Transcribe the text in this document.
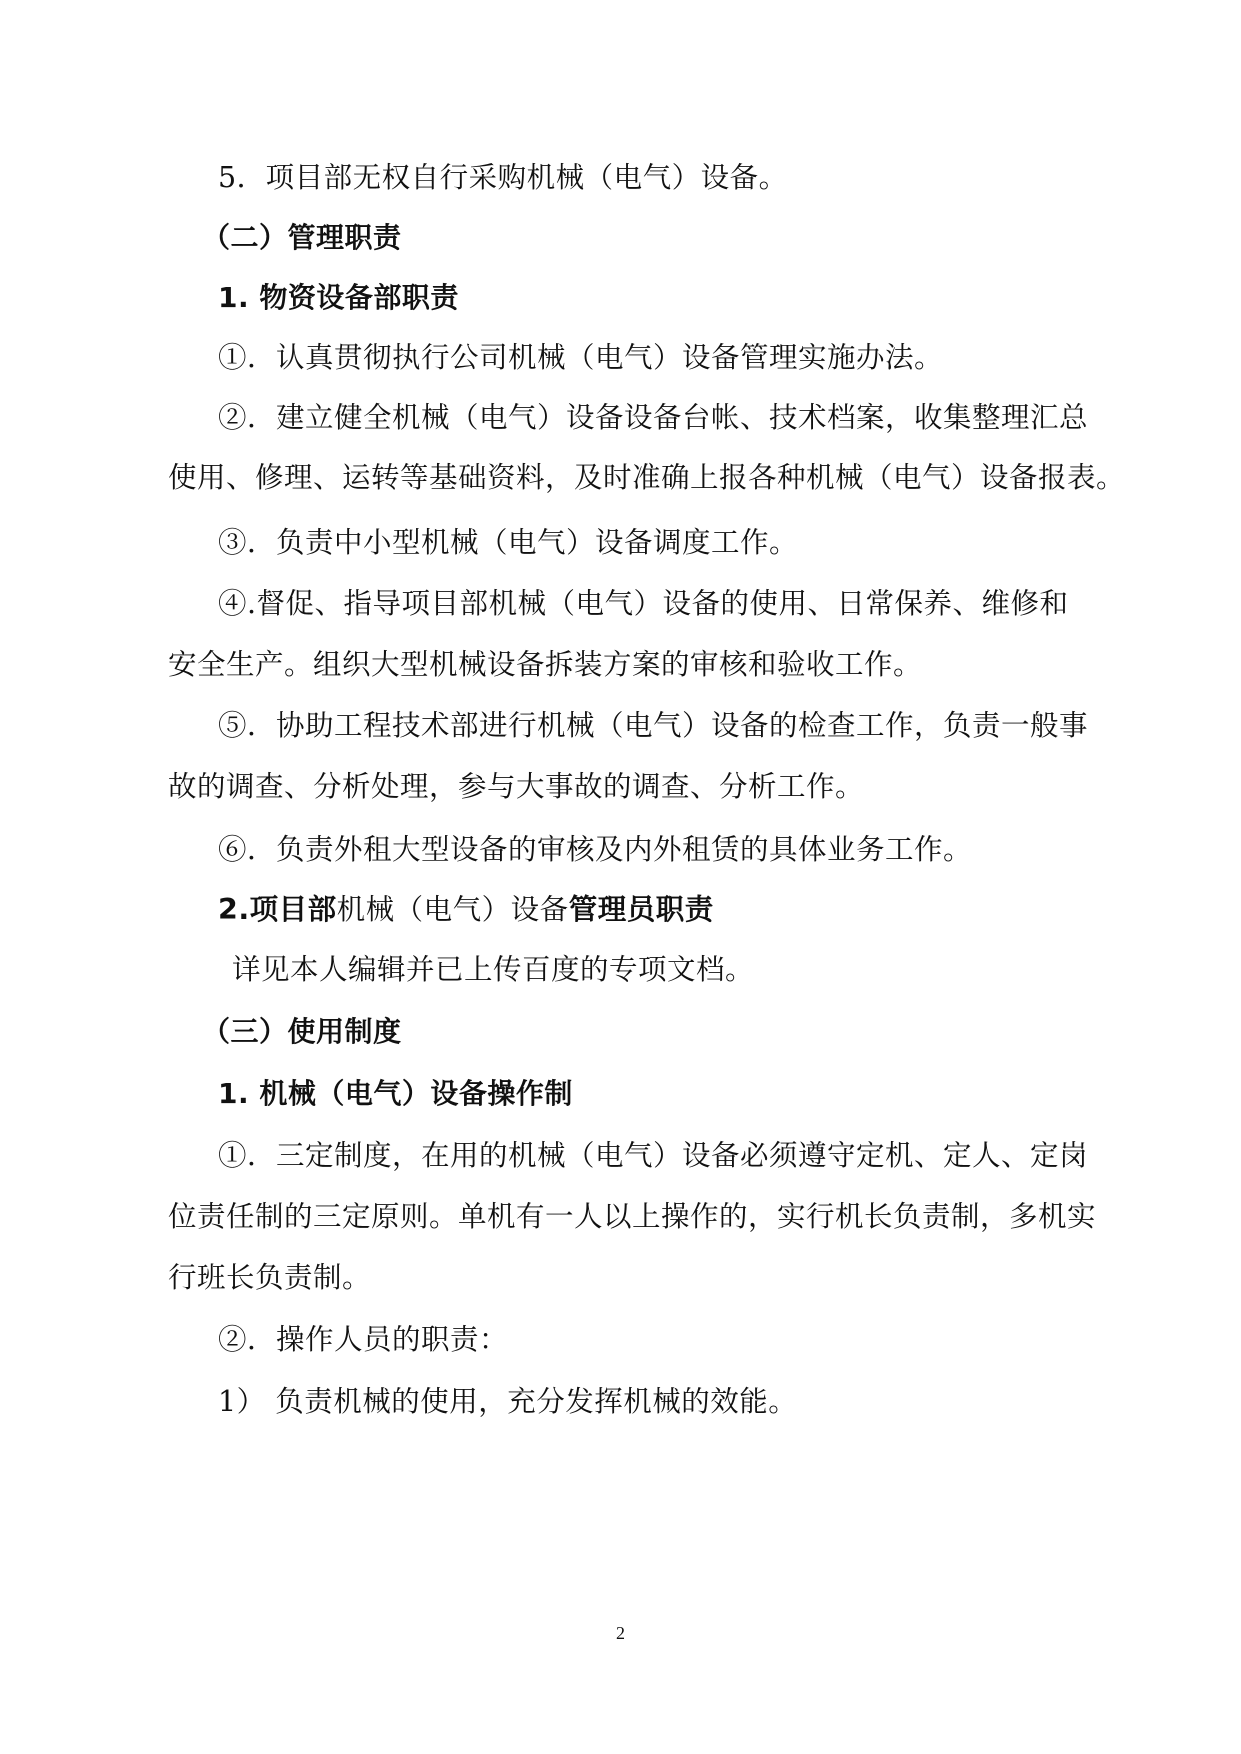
5．项目部无权自行采购机械（电气）设备。
（二）管理职责
1. 物资设备部职责
①．认真贯彻执行公司机械（电气）设备管理实施办法。
②．建立健全机械（电气）设备设备台帐、技术档案，收集整理汇总
使用、修理、运转等基础资料，及时准确上报各种机械（电气）设备报表。
③．负责中小型机械（电气）设备调度工作。
④.督促、指导项目部机械（电气）设备的使用、日常保养、维修和
安全生产。组织大型机械设备拆装方案的审核和验收工作。
⑤．协助工程技术部进行机械（电气）设备的检查工作，负责一般事
故的调查、分析处理，参与大事故的调查、分析工作。
⑥．负责外租大型设备的审核及内外租赁的具体业务工作。
2.项目部机械（电气）设备管理员职责
详见本人编辑并已上传百度的专项文档。
（三）使用制度
1. 机械（电气）设备操作制
①．三定制度，在用的机械（电气）设备必须遵守定机、定人、定岗
位责任制的三定原则。单机有一人以上操作的，实行机长负责制，多机实
行班长负责制。
②．操作人员的职责：
1） 负责机械的使用，充分发挥机械的效能。
2
